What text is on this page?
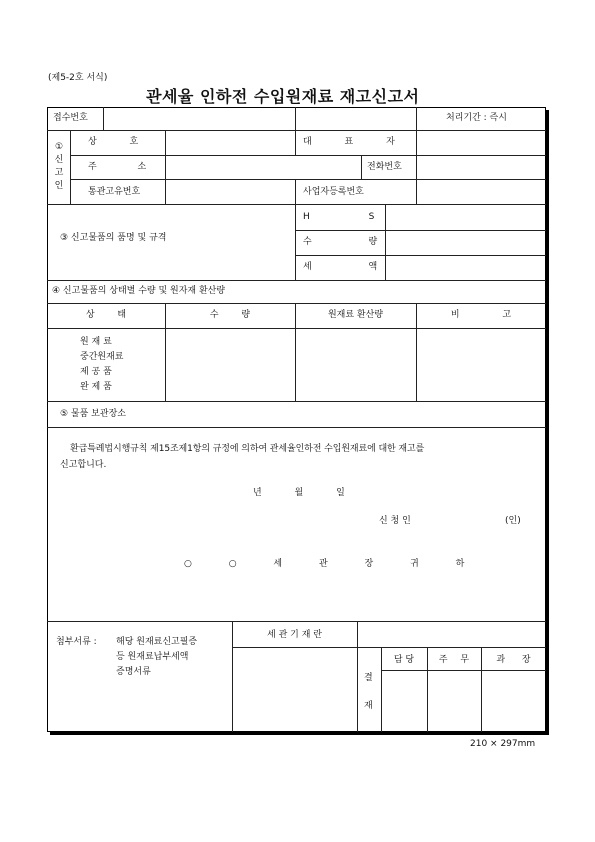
(제5-2호 서식)
관세율 인하전 수입원재료 재고신고서
접수번호	처리기간 : 즉시
①
신
고
인
상 호	대 표 자
주 소	전화번호
통관고유번호	사업자등록번호
③ 신고물품의 품명 및 규격
H S
수 량
세 액
④ 신고물품의 상태별 수량 및 원자재 환산량
상 태	수 량	원재료 환산량	비 고
원 재 료
중간원재료
제 공 품
완 제 품
⑤ 물품 보관장소
환급특례법시행규칙 제15조제1항의 규정에 의하여 관세율인하전 수입원재료에 대한 재고를
신고합니다.
년 월 일
신 청 인	(인)
○ ○ 세 관 장 귀 하
첨부서류 : 해당 원재료신고필증
등 원재료납부세액
증명서류
세 관 기 재 란
결
재
담 당	주 무	과 장
210 × 297mm
